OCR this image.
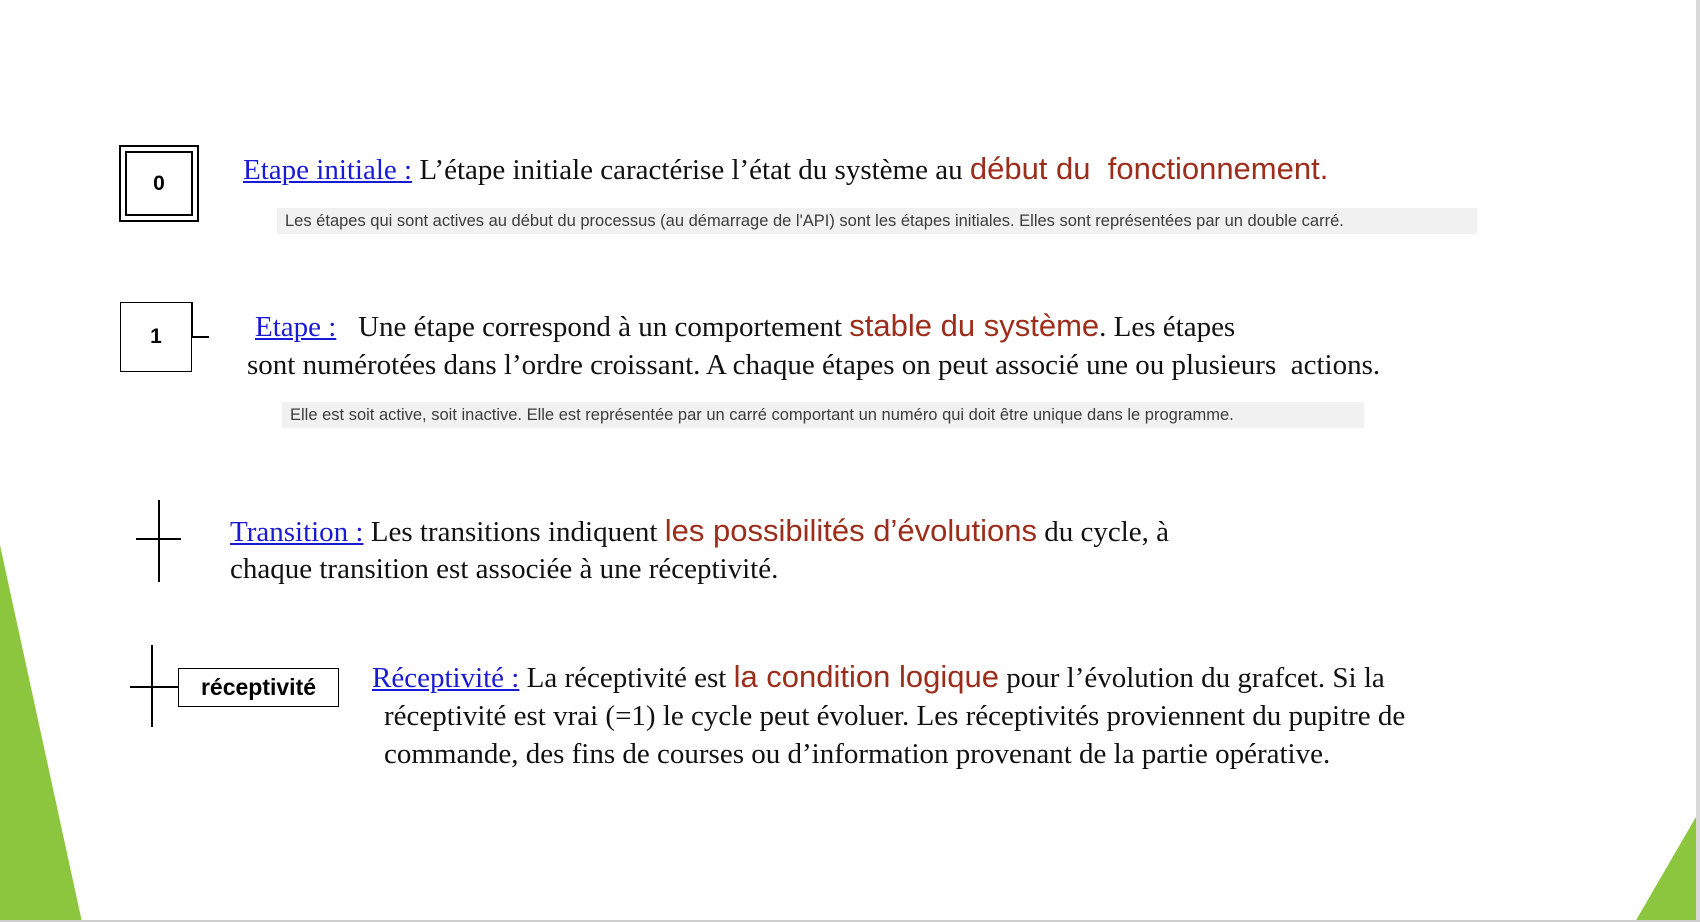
0	Etape initiale : L’étape initiale caractérise l’état du système au début du  fonctionnement.
Les étapes qui sont actives au début du processus (au démarrage de l'API) sont les étapes initiales. Elles sont représentées par un double carré.
1	Etape :   Une étape correspond à un comportement stable du système. Les étapes
sont numérotées dans l’ordre croissant. A chaque étapes on peut associé une ou plusieurs  actions.
Elle est soit active, soit inactive. Elle est représentée par un carré comportant un numéro qui doit être unique dans le programme.
Transition : Les transitions indiquent les possibilités d’évolutions du cycle, à
chaque transition est associée à une réceptivité.
réceptivité Réceptivité : La réceptivité est la condition logique pour l’évolution du grafcet. Si la
réceptivité est vrai (=1) le cycle peut évoluer. Les réceptivités proviennent du pupitre de
commande, des fins de courses ou d’information provenant de la partie opérative.
